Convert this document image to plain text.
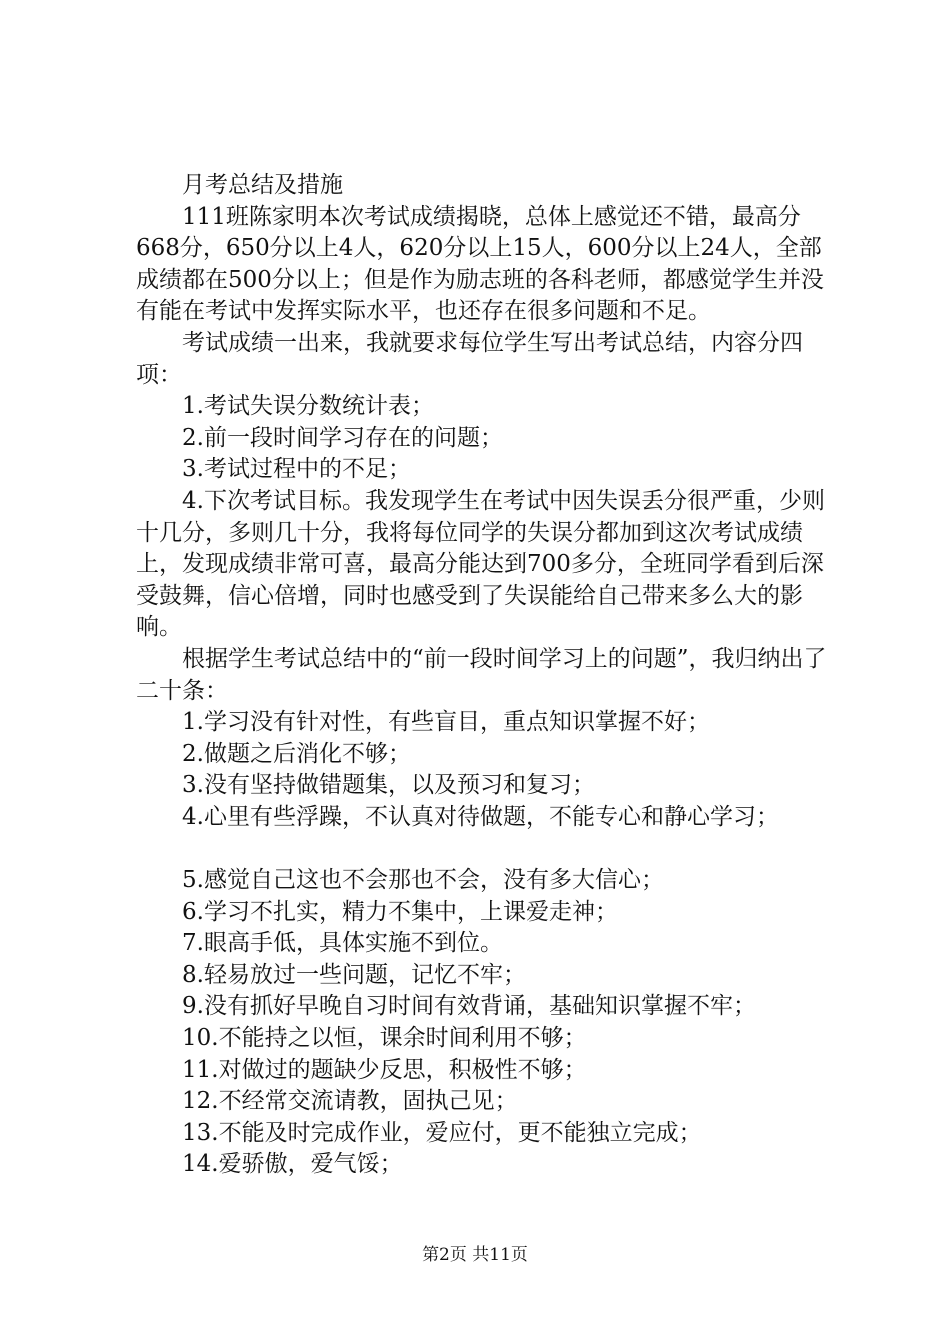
月考总结及措施

111班陈家明本次考试成绩揭晓，总体上感觉还不错，最高分668分，650分以上4人，620分以上15人，600分以上24人，全部成绩都在500分以上；但是作为励志班的各科老师，都感觉学生并没有能在考试中发挥实际水平，也还存在很多问题和不足。

考试成绩一出来，我就要求每位学生写出考试总结，内容分四项：

1.考试失误分数统计表；

2.前一段时间学习存在的问题；

3.考试过程中的不足；

4.下次考试目标。我发现学生在考试中因失误丢分很严重，少则十几分，多则几十分，我将每位同学的失误分都加到这次考试成绩上，发现成绩非常可喜，最高分能达到700多分，全班同学看到后深受鼓舞，信心倍增，同时也感受到了失误能给自己带来多么大的影响。

根据学生考试总结中的“前一段时间学习上的问题”，我归纳出了二十条：

1.学习没有针对性，有些盲目，重点知识掌握不好；

2.做题之后消化不够；

3.没有坚持做错题集，以及预习和复习；

4.心里有些浮躁，不认真对待做题，不能专心和静心学习；

5.感觉自己这也不会那也不会，没有多大信心；

6.学习不扎实，精力不集中，上课爱走神；

7.眼高手低，具体实施不到位。

8.轻易放过一些问题，记忆不牢；

9.没有抓好早晚自习时间有效背诵，基础知识掌握不牢；

10.不能持之以恒，课余时间利用不够；

11.对做过的题缺少反思，积极性不够；

12.不经常交流请教，固执己见；

13.不能及时完成作业，爱应付，更不能独立完成；

14.爱骄傲，爱气馁；

第2页 共11页
